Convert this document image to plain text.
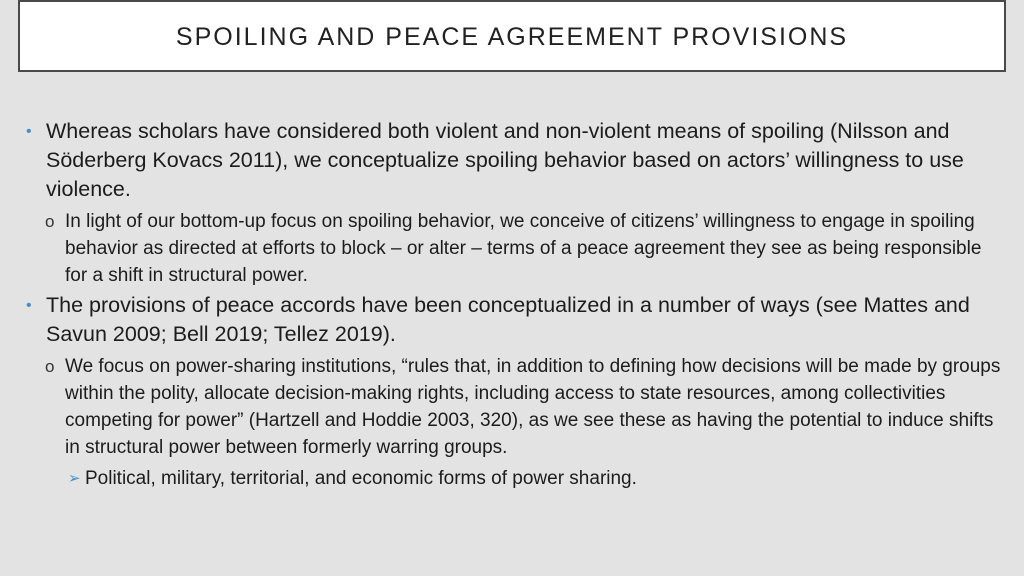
SPOILING AND PEACE AGREEMENT PROVISIONS
• Whereas scholars have considered both violent and non-violent means of spoiling (Nilsson and Söderberg Kovacs 2011), we conceptualize spoiling behavior based on actors’ willingness to use violence.
o In light of our bottom-up focus on spoiling behavior, we conceive of citizens’ willingness to engage in spoiling behavior as directed at efforts to block – or alter – terms of a peace agreement they see as being responsible for a shift in structural power.
• The provisions of peace accords have been conceptualized in a number of ways (see Mattes and Savun 2009; Bell 2019; Tellez 2019).
o We focus on power-sharing institutions, “rules that, in addition to defining how decisions will be made by groups within the polity, allocate decision-making rights, including access to state resources, among collectivities competing for power” (Hartzell and Hoddie 2003, 320), as we see these as having the potential to induce shifts in structural power between formerly warring groups.
➢ Political, military, territorial, and economic forms of power sharing.
